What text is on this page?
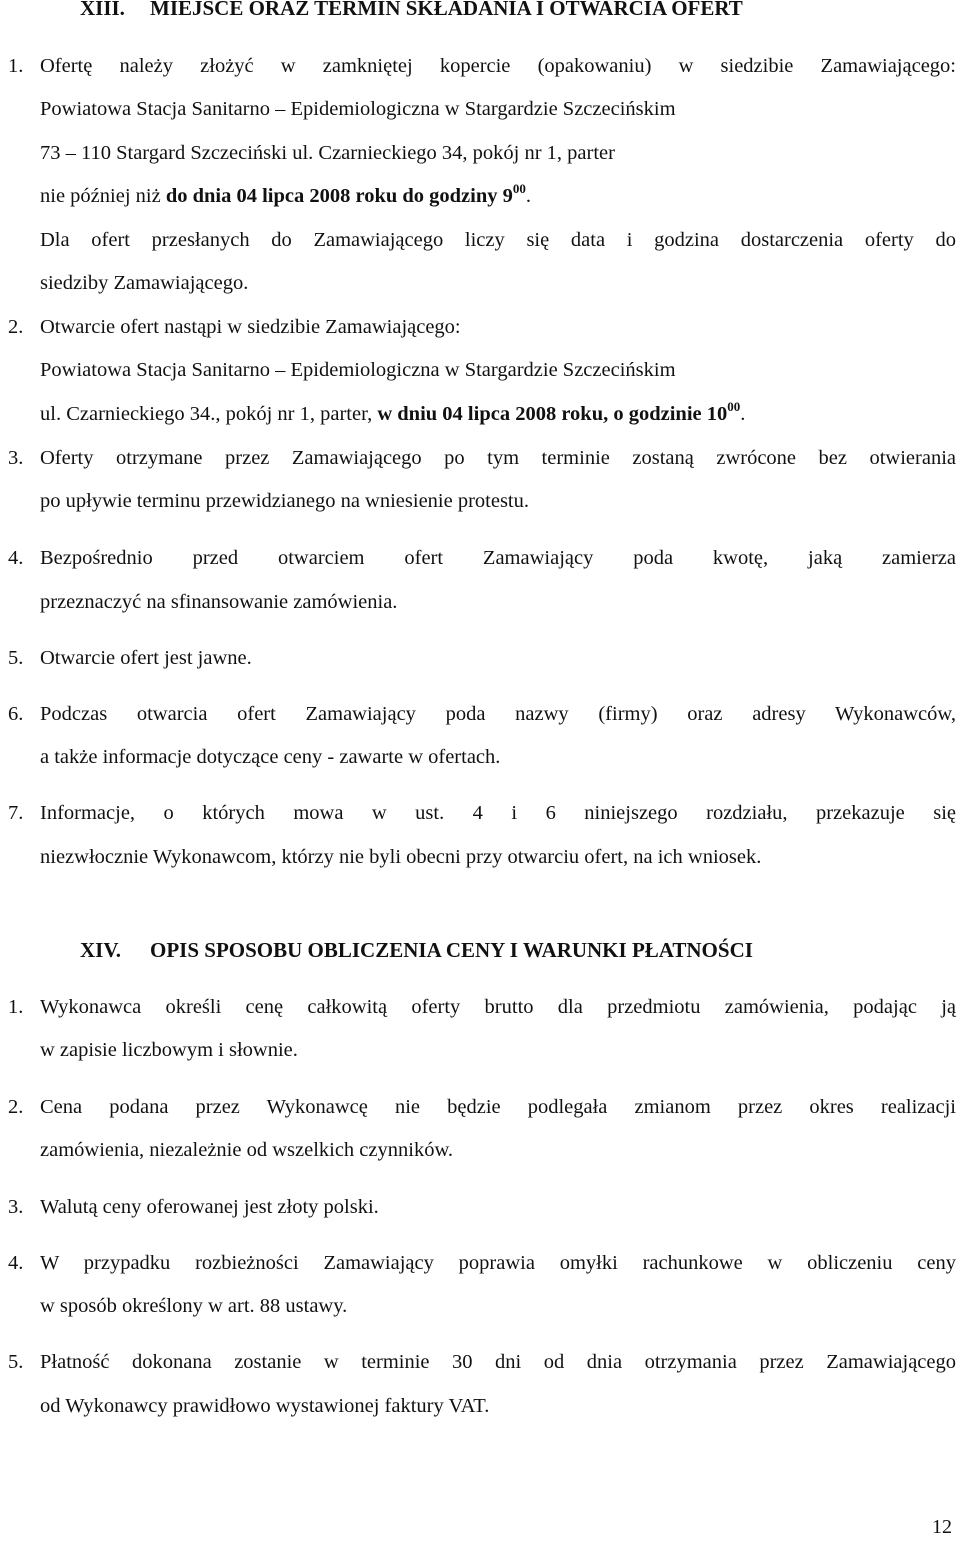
XIII. MIEJSCE ORAZ TERMIN SKŁADANIA I OTWARCIA OFERT
1. Ofertę należy złożyć w zamkniętej kopercie (opakowaniu) w siedzibie Zamawiającego:
Powiatowa Stacja Sanitarno – Epidemiologiczna w Stargardzie Szczecińskim
73 – 110 Stargard Szczeciński ul. Czarnieckiego 34, pokój nr 1, parter
nie później niż do dnia 04 lipca 2008 roku do godziny $9^{00}$.
Dla ofert przesłanych do Zamawiającego liczy się data i godzina dostarczenia oferty do
siedziby Zamawiającego.
2. Otwarcie ofert nastąpi w siedzibie Zamawiającego:
Powiatowa Stacja Sanitarno – Epidemiologiczna w Stargardzie Szczecińskim
ul. Czarnieckiego 34., pokój nr 1, parter, w dniu 04 lipca 2008 roku, o godzinie $10^{00}$.
3. Oferty otrzymane przez Zamawiającego po tym terminie zostaną zwrócone bez otwierania
po upływie terminu przewidzianego na wniesienie protestu.
4. Bezpośrednio przed otwarciem ofert Zamawiający poda kwotę, jaką zamierza
przeznaczyć na sfinansowanie zamówienia.
5. Otwarcie ofert jest jawne.
6. Podczas otwarcia ofert Zamawiający poda nazwy (firmy) oraz adresy Wykonawców,
a także informacje dotyczące ceny - zawarte w ofertach.
7. Informacje, o których mowa w ust. 4 i 6 niniejszego rozdziału, przekazuje się
niezwłocznie Wykonawcom, którzy nie byli obecni przy otwarciu ofert, na ich wniosek.
XIV. OPIS SPOSOBU OBLICZENIA CENY I WARUNKI PŁATNOŚCI
1. Wykonawca określi cenę całkowitą oferty brutto dla przedmiotu zamówienia, podając ją
w zapisie liczbowym i słownie.
2. Cena podana przez Wykonawcę nie będzie podlegała zmianom przez okres realizacji
zamówienia, niezależnie od wszelkich czynników.
3. Walutą ceny oferowanej jest złoty polski.
4. W przypadku rozbieżności Zamawiający poprawia omyłki rachunkowe w obliczeniu ceny
w sposób określony w art. 88 ustawy.
5. Płatność dokonana zostanie w terminie 30 dni od dnia otrzymania przez Zamawiającego
od Wykonawcy prawidłowo wystawionej faktury VAT.
12
